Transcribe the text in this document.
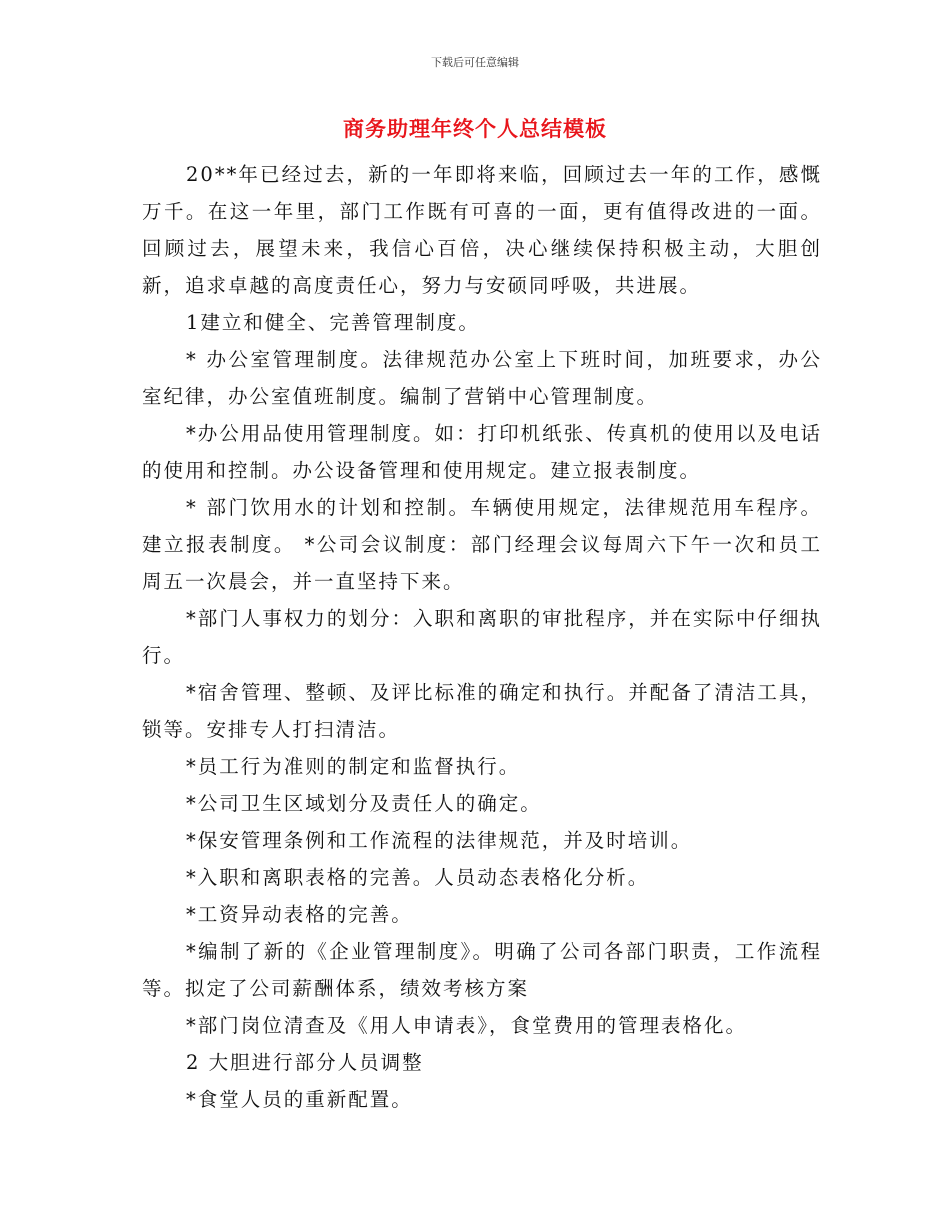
下载后可任意编辑
商务助理年终个人总结模板

20**年已经过去，新的一年即将来临，回顾过去一年的工作，感慨万千。在这一年里，部门工作既有可喜的一面，更有值得改进的一面。回顾过去，展望未来，我信心百倍，决心继续保持积极主动，大胆创新，追求卓越的高度责任心，努力与安硕同呼吸，共进展。

1建立和健全、完善管理制度。

* 办公室管理制度。法律规范办公室上下班时间，加班要求，办公室纪律，办公室值班制度。编制了营销中心管理制度。

*办公用品使用管理制度。如：打印机纸张、传真机的使用以及电话的使用和控制。办公设备管理和使用规定。建立报表制度。

* 部门饮用水的计划和控制。车辆使用规定，法律规范用车程序。建立报表制度。 *公司会议制度：部门经理会议每周六下午一次和员工周五一次晨会，并一直坚持下来。

*部门人事权力的划分：入职和离职的审批程序，并在实际中仔细执行。

*宿舍管理、整顿、及评比标准的确定和执行。并配备了清洁工具，锁等。安排专人打扫清洁。

*员工行为准则的制定和监督执行。

*公司卫生区域划分及责任人的确定。

*保安管理条例和工作流程的法律规范，并及时培训。

*入职和离职表格的完善。人员动态表格化分析。

*工资异动表格的完善。

*编制了新的《企业管理制度》。明确了公司各部门职责，工作流程等。拟定了公司薪酬体系，绩效考核方案

*部门岗位清查及《用人申请表》，食堂费用的管理表格化。

2 大胆进行部分人员调整

*食堂人员的重新配置。
